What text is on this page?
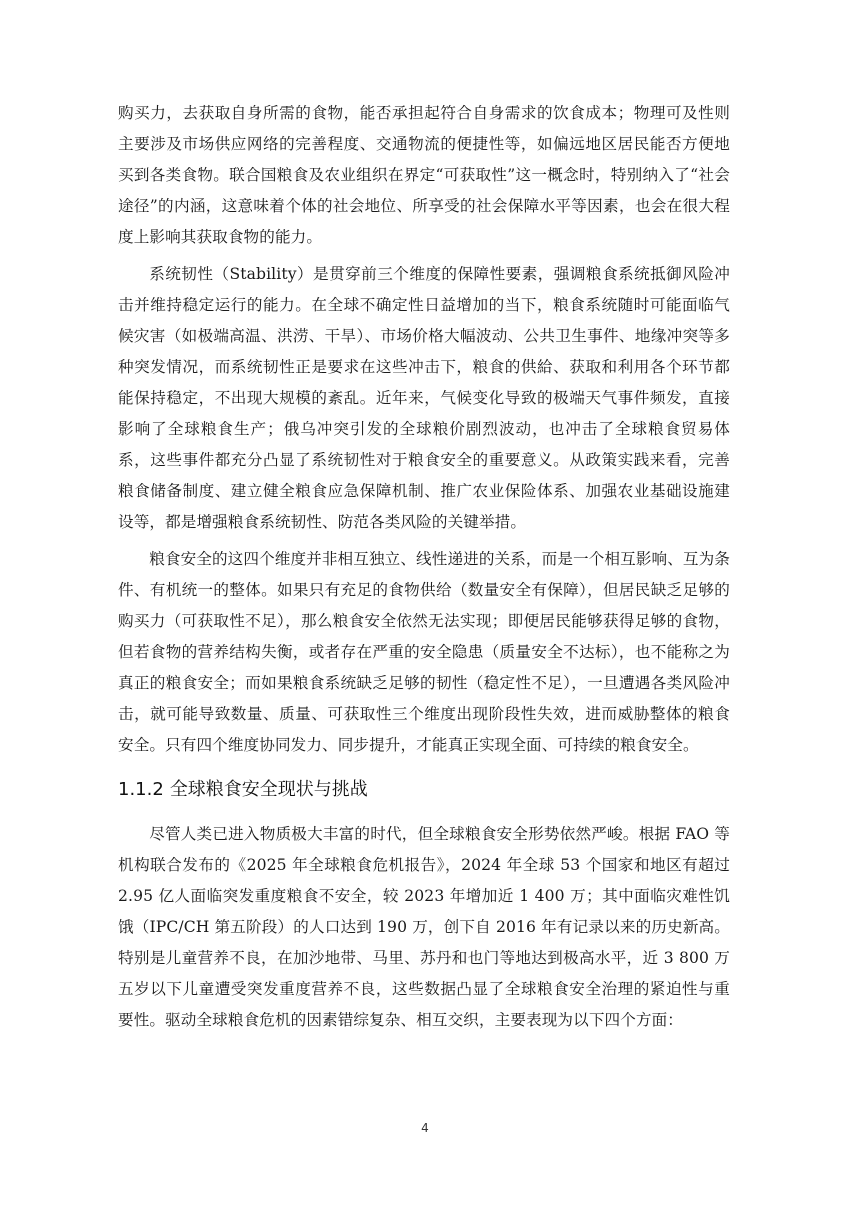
购买力，去获取自身所需的食物，能否承担起符合自身需求的饮食成本；物理可及性则主要涉及市场供应网络的完善程度、交通物流的便捷性等，如偏远地区居民能否方便地买到各类食物。联合国粮食及农业组织在界定“可获取性”这一概念时，特别纳入了“社会途径”的内涵，这意味着个体的社会地位、所享受的社会保障水平等因素，也会在很大程度上影响其获取食物的能力。

系统韧性（Stability）是贯穿前三个维度的保障性要素，强调粮食系统抵御风险冲击并维持稳定运行的能力。在全球不确定性日益增加的当下，粮食系统随时可能面临气候灾害（如极端高温、洪涝、干旱）、市场价格大幅波动、公共卫生事件、地缘冲突等多种突发情况，而系统韧性正是要求在这些冲击下，粮食的供給、获取和利用各个环节都能保持稳定，不出现大规模的紊乱。近年来，气候变化导致的极端天气事件频发，直接影响了全球粮食生产；俄乌冲突引发的全球粮价剧烈波动，也冲击了全球粮食贸易体系，这些事件都充分凸显了系统韧性对于粮食安全的重要意义。从政策实践来看，完善粮食储备制度、建立健全粮食应急保障机制、推广农业保险体系、加强农业基础设施建设等，都是增强粮食系统韧性、防范各类风险的关键举措。

粮食安全的这四个维度并非相互独立、线性递进的关系，而是一个相互影响、互为条件、有机统一的整体。如果只有充足的食物供给（数量安全有保障），但居民缺乏足够的购买力（可获取性不足），那么粮食安全依然无法实现；即便居民能够获得足够的食物，但若食物的营养结构失衡，或者存在严重的安全隐患（质量安全不达标），也不能称之为真正的粮食安全；而如果粮食系统缺乏足够的韧性（稳定性不足），一旦遭遇各类风险冲击，就可能导致数量、质量、可获取性三个维度出现阶段性失效，进而威胁整体的粮食安全。只有四个维度协同发力、同步提升，才能真正实现全面、可持续的粮食安全。

1.1.2 全球粮食安全现状与挑战

尽管人类已进入物质极大丰富的时代，但全球粮食安全形势依然严峻。根据 FAO 等机构联合发布的《2025 年全球粮食危机报告》，2024 年全球 53 个国家和地区有超过 2.95 亿人面临突发重度粮食不安全，较 2023 年增加近 1 400 万；其中面临灾难性饥饿（IPC/CH 第五阶段）的人口达到 190 万，创下自 2016 年有记录以来的历史新高。特别是儿童营养不良，在加沙地带、马里、苏丹和也门等地达到极高水平，近 3 800 万五岁以下儿童遭受突发重度营养不良，这些数据凸显了全球粮食安全治理的紧迫性与重要性。驱动全球粮食危机的因素错综复杂、相互交织，主要表现为以下四个方面：

4
